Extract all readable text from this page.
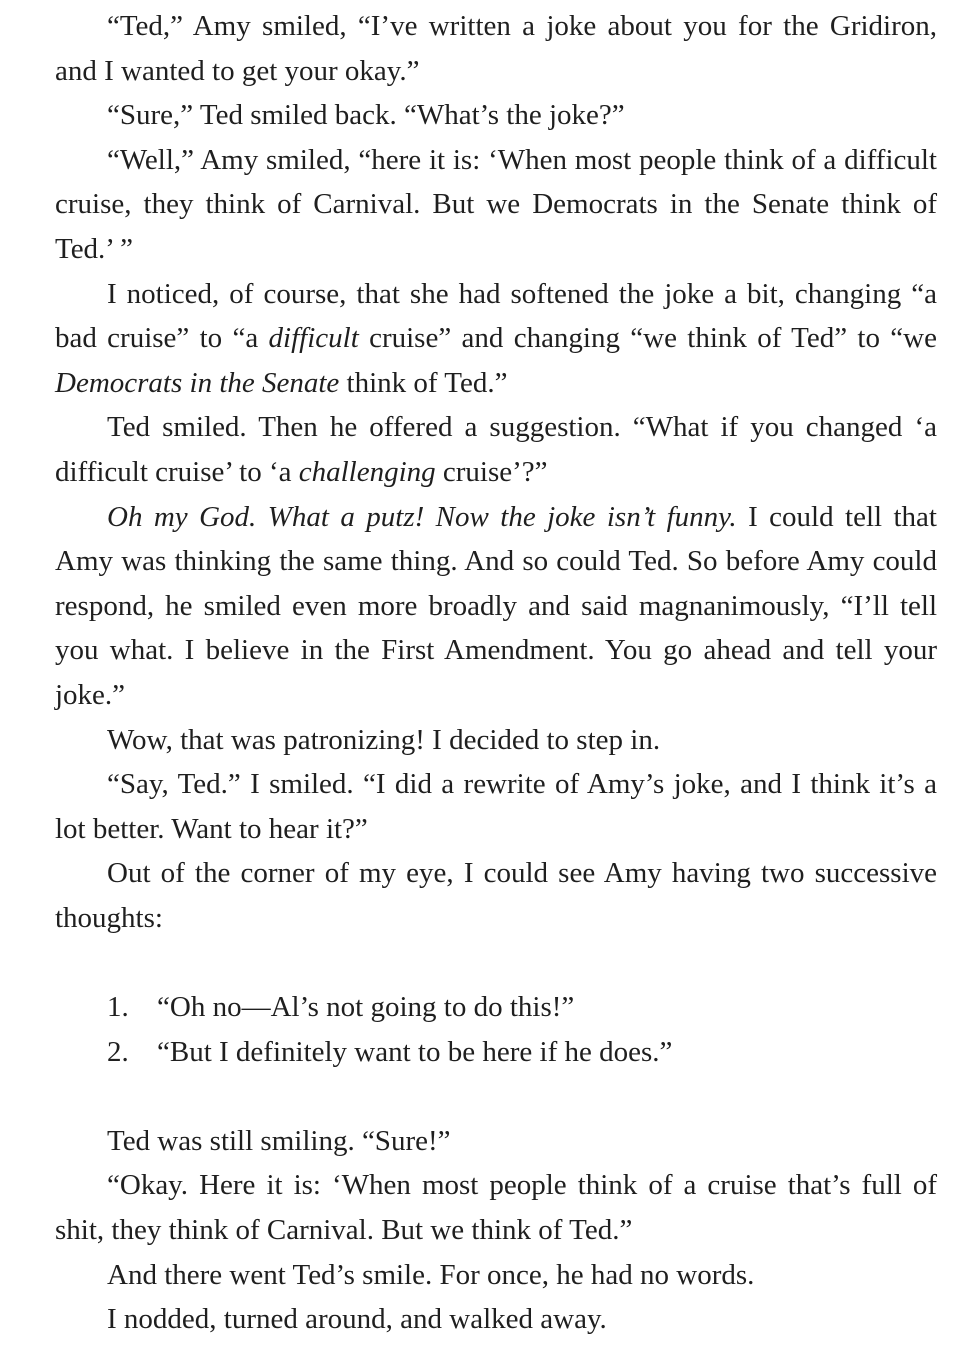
“Ted,” Amy smiled, “I’ve written a joke about you for the Gridiron, and I wanted to get your okay.”

“Sure,” Ted smiled back. “What’s the joke?”

“Well,” Amy smiled, “here it is: ‘When most people think of a difficult cruise, they think of Carnival. But we Democrats in the Senate think of Ted.’ ”

I noticed, of course, that she had softened the joke a bit, changing “a bad cruise” to “a difficult cruise” and changing “we think of Ted” to “we Democrats in the Senate think of Ted.”

Ted smiled. Then he offered a suggestion. “What if you changed ‘a difficult cruise’ to ‘a challenging cruise’?”

Oh my God. What a putz! Now the joke isn’t funny. I could tell that Amy was thinking the same thing. And so could Ted. So before Amy could respond, he smiled even more broadly and said magnanimously, “I’ll tell you what. I believe in the First Amendment. You go ahead and tell your joke.”

Wow, that was patronizing! I decided to step in.

“Say, Ted.” I smiled. “I did a rewrite of Amy’s joke, and I think it’s a lot better. Want to hear it?”

Out of the corner of my eye, I could see Amy having two successive thoughts:

1. “Oh no—Al’s not going to do this!”
2. “But I definitely want to be here if he does.”

Ted was still smiling. “Sure!”

“Okay. Here it is: ‘When most people think of a cruise that’s full of shit, they think of Carnival. But we think of Ted.”

And there went Ted’s smile. For once, he had no words.

I nodded, turned around, and walked away.
